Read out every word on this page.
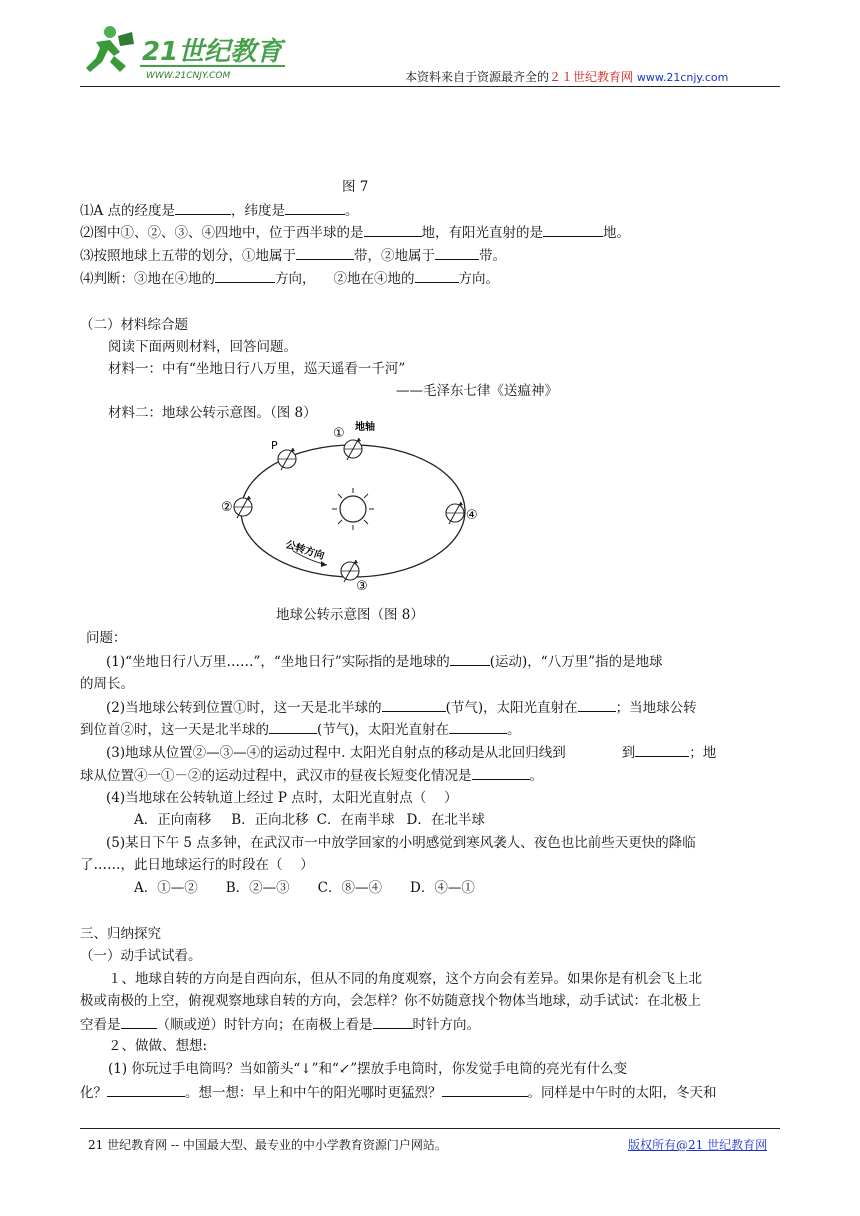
21世纪教育
WWW.21CNJY.COM	本资料来自于资源最齐全的２１世纪教育网 www.21cnjy.com
图 7
⑴A 点的经度是	，纬度是	。
⑵图中①、②、③、④四地中，位于西半球的是	地，有阳光直射的是	地。
⑶按照地球上五带的划分，①地属于	带，②地属于	带。
⑷判断：③地在④地的	方向， ②地在④地的	方向。
（二）材料综合题
阅读下面两则材料，回答问题。
材料一：中有“坐地日行八万里，巡天遥看一千河”
——毛泽东七律《送瘟神》
材料二：地球公转示意图。（图 8）
P
① 地轴
②
③
④
公转方向
地球公转示意图（图 8）
问题：
(1)“坐地日行八万里……”，“坐地日行”实际指的是地球的	(运动)，“八万里”指的是地球
的周长。
(2)当地球公转到位置①时，这一天是北半球的	(节气)，太阳光直射在	；当地球公转
到位首②时，这一天是北半球的	(节气)，太阳光直射在	。
(3)地球从位置②—③—④的运动过程中. 太阳光自射点的移动是从北回归线到	到	；地
球从位置④一①－②的运动过程中，武汉市的昼夜长短变化情况是	。
(4)当地球在公转轨道上经过 P 点时，太阳光直射点（　 ）
A．正向南移 B．正向北移 C．在南半球 D．在北半球
(5)某日下午 5 点多钟，在武汉市一中放学回家的小明感觉到寒风袭人、夜色也比前些天更快的降临
了……，此日地球运行的时段在（　 ）
A．①—② B．②—③ C．⑧—④ D．④—①
三、归纳探究
（一）动手试试看。
１、地球自转的方向是自西向东，但从不同的角度观察，这个方向会有差异。如果你是有机会飞上北
极或南极的上空，俯视观察地球自转的方向，会怎样？你不妨随意找个物体当地球，动手试试：在北极上
空看是	（顺或逆）时针方向；在南极上看是	时针方向。
２、做做、想想:
(1) 你玩过手电筒吗？当如箭头“↓”和“↙”摆放手电筒时，你发觉手电筒的亮光有什么变
化？	。想一想：早上和中午的阳光哪时更猛烈？	。同样是中午时的太阳，冬天和
21 世纪教育网 -- 中国最大型、最专业的中小学教育资源门户网站。	版权所有@21 世纪教育网
